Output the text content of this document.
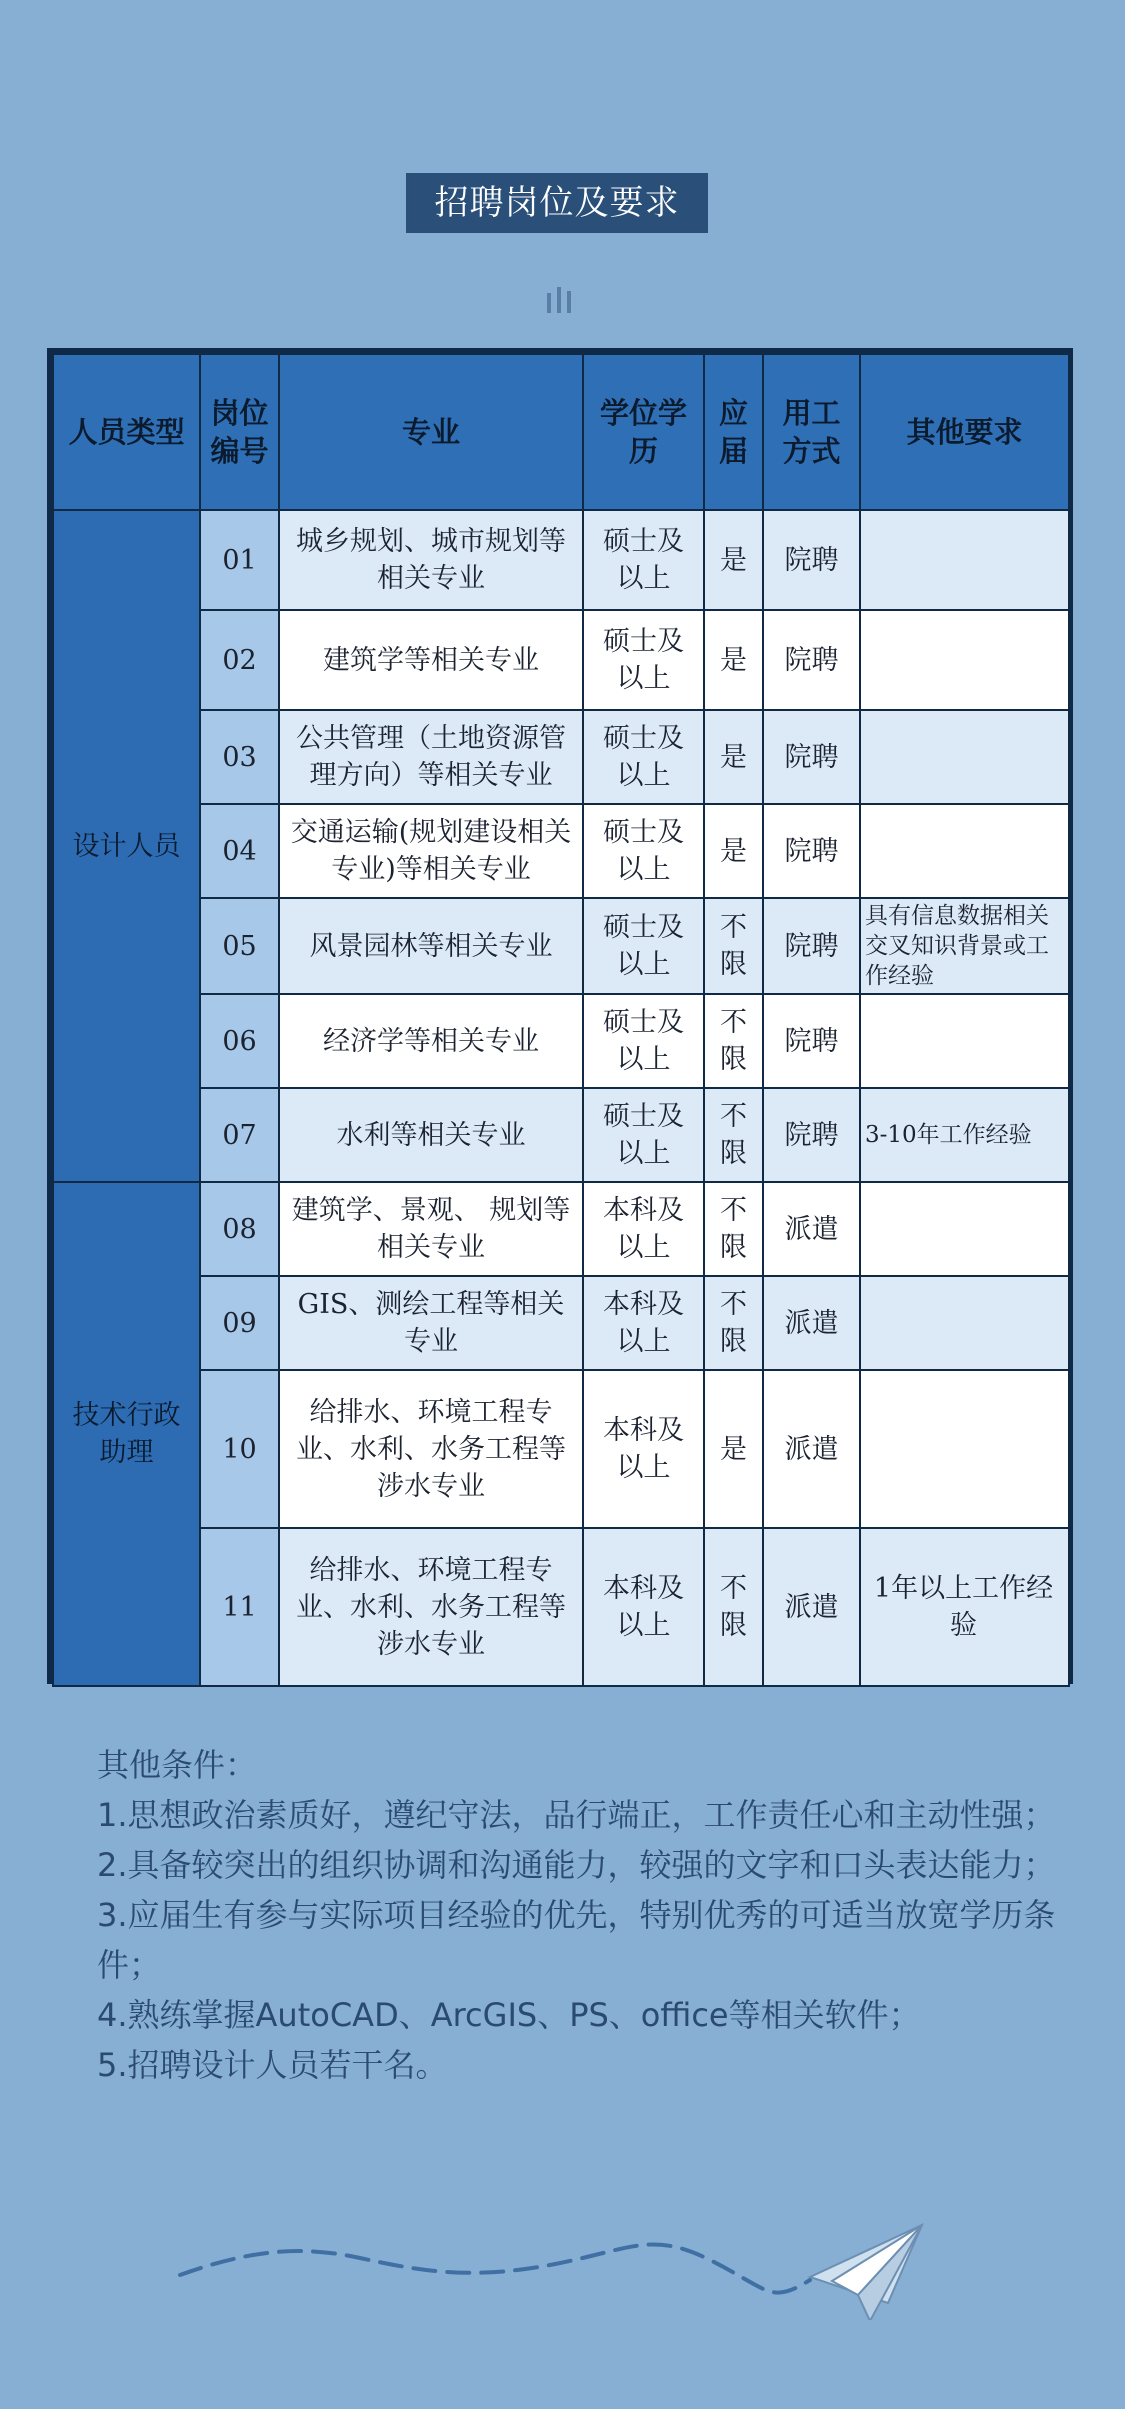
招聘岗位及要求
人员类型	岗位编号	专业	学位学历	应届	用工方式	其他要求
设计人员	01	城乡规划、城市规划等相关专业	硕士及以上	是	院聘	
	02	建筑学等相关专业	硕士及以上	是	院聘	
	03	公共管理（土地资源管理方向）等相关专业	硕士及以上	是	院聘	
	04	交通运输(规划建设相关专业)等相关专业	硕士及以上	是	院聘	
	05	风景园林等相关专业	硕士及以上	不限	院聘	具有信息数据相关交叉知识背景或工作经验
	06	经济学等相关专业	硕士及以上	不限	院聘	
	07	水利等相关专业	硕士及以上	不限	院聘	3-10年工作经验
技术行政助理	08	建筑学、景观、 规划等相关专业	本科及以上	不限	派遣	
	09	GIS、测绘工程等相关专业	本科及以上	不限	派遣	
	10	给排水、环境工程专业、水利、水务工程等涉水专业	本科及以上	是	派遣	
	11	给排水、环境工程专业、水利、水务工程等涉水专业	本科及以上	不限	派遣	1年以上工作经验

其他条件：

1.思想政治素质好，遵纪守法，品行端正，工作责任心和主动性强；

2.具备较突出的组织协调和沟通能力，较强的文字和口头表达能力；

3.应届生有参与实际项目经验的优先，特别优秀的可适当放宽学历条件；

4.熟练掌握AutoCAD、ArcGIS、PS、office等相关软件；

5.招聘设计人员若干名。
